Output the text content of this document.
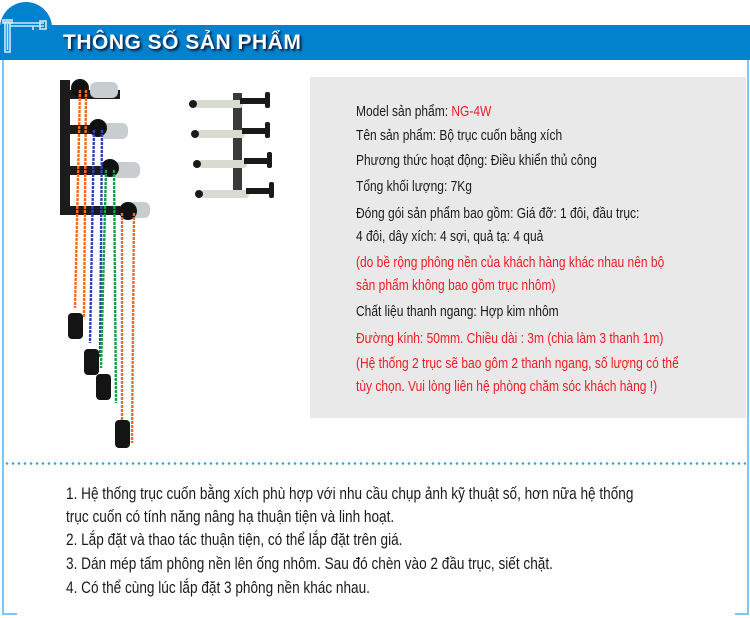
THÔNG SỐ SẢN PHẨM
Model sản phẩm: NG-4W
Tên sản phẩm: Bộ trục cuốn bằng xích
Phương thức hoạt động: Điều khiển thủ công
Tổng khối lượng: 7Kg
Đóng gói sản phẩm bao gồm: Giá đỡ: 1 đôi, đầu trục:
4 đôi, dây xích: 4 sợi, quả tạ: 4 quả
(do bề rộng phông nền của khách hàng khác nhau nên bộ
sản phẩm không bao gồm trục nhôm)
Chất liệu thanh ngang: Hợp kim nhôm
Đường kính: 50mm. Chiều dài : 3m (chia làm 3 thanh 1m)
(Hệ thống 2 trục sẽ bao gôm 2 thanh ngang, số lượng có thể
tùy chọn. Vui lòng liên hệ phòng chăm sóc khách hàng !)
1. Hệ thống trục cuốn bằng xích phù hợp với nhu cầu chụp ảnh kỹ thuật số, hơn nữa hệ thống
trục cuốn có tính năng nâng hạ thuận tiện và linh hoạt.
2. Lắp đặt và thao tác thuận tiện, có thể lắp đặt trên giá.
3. Dán mép tấm phông nền lên ống nhôm. Sau đó chèn vào 2 đầu trục, siết chặt.
4. Có thể cùng lúc lắp đặt 3 phông nền khác nhau.
